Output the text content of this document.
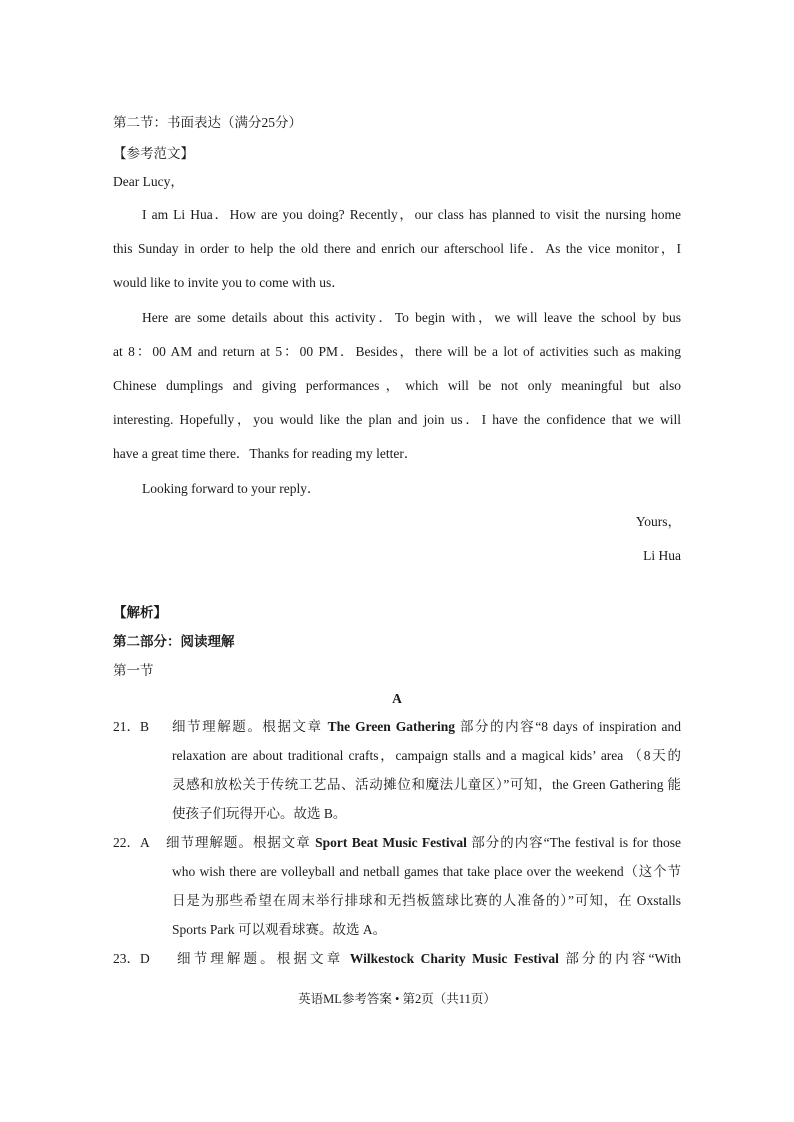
第二节：书面表达（满分25分）
【参考范文】
Dear Lucy，
I am Li Hua．How are you doing? Recently，our class has planned to visit the nursing home
this Sunday in order to help the old there and enrich our afterschool life．As the vice monitor，I
would like to invite you to come with us．
Here are some details about this activity．To begin with，we will leave the school by bus
at 8：00 AM and return at 5：00 PM．Besides，there will be a lot of activities such as making
Chinese dumplings and giving performances，which will be not only meaningful but also
interesting. Hopefully，you would like the plan and join us．I have the confidence that we will
have a great time there．Thanks for reading my letter．
Looking forward to your reply．
Yours，
Li Hua
【解析】
第二部分：阅读理解
第一节
A
21．B 细节理解题。根据文章 The Green Gathering 部分的内容“8 days of inspiration and
relaxation are about traditional crafts，campaign stalls and a magical kids’ area （8天的
灵感和放松关于传统工艺品、活动摊位和魔法儿童区）”可知，the Green Gathering 能
使孩子们玩得开心。故选 B。
22．A 细节理解题。根据文章 Sport Beat Music Festival 部分的内容“The festival is for those
who wish there are volleyball and netball games that take place over the weekend（这个节
日是为那些希望在周末举行排球和无挡板篮球比赛的人准备的）”可知，在 Oxstalls
Sports Park 可以观看球赛。故选 A。
23．D 细节理解题。根据文章 Wilkestock Charity Music Festival 部分的内容“With
英语ML参考答案 • 第2页（共11页）
